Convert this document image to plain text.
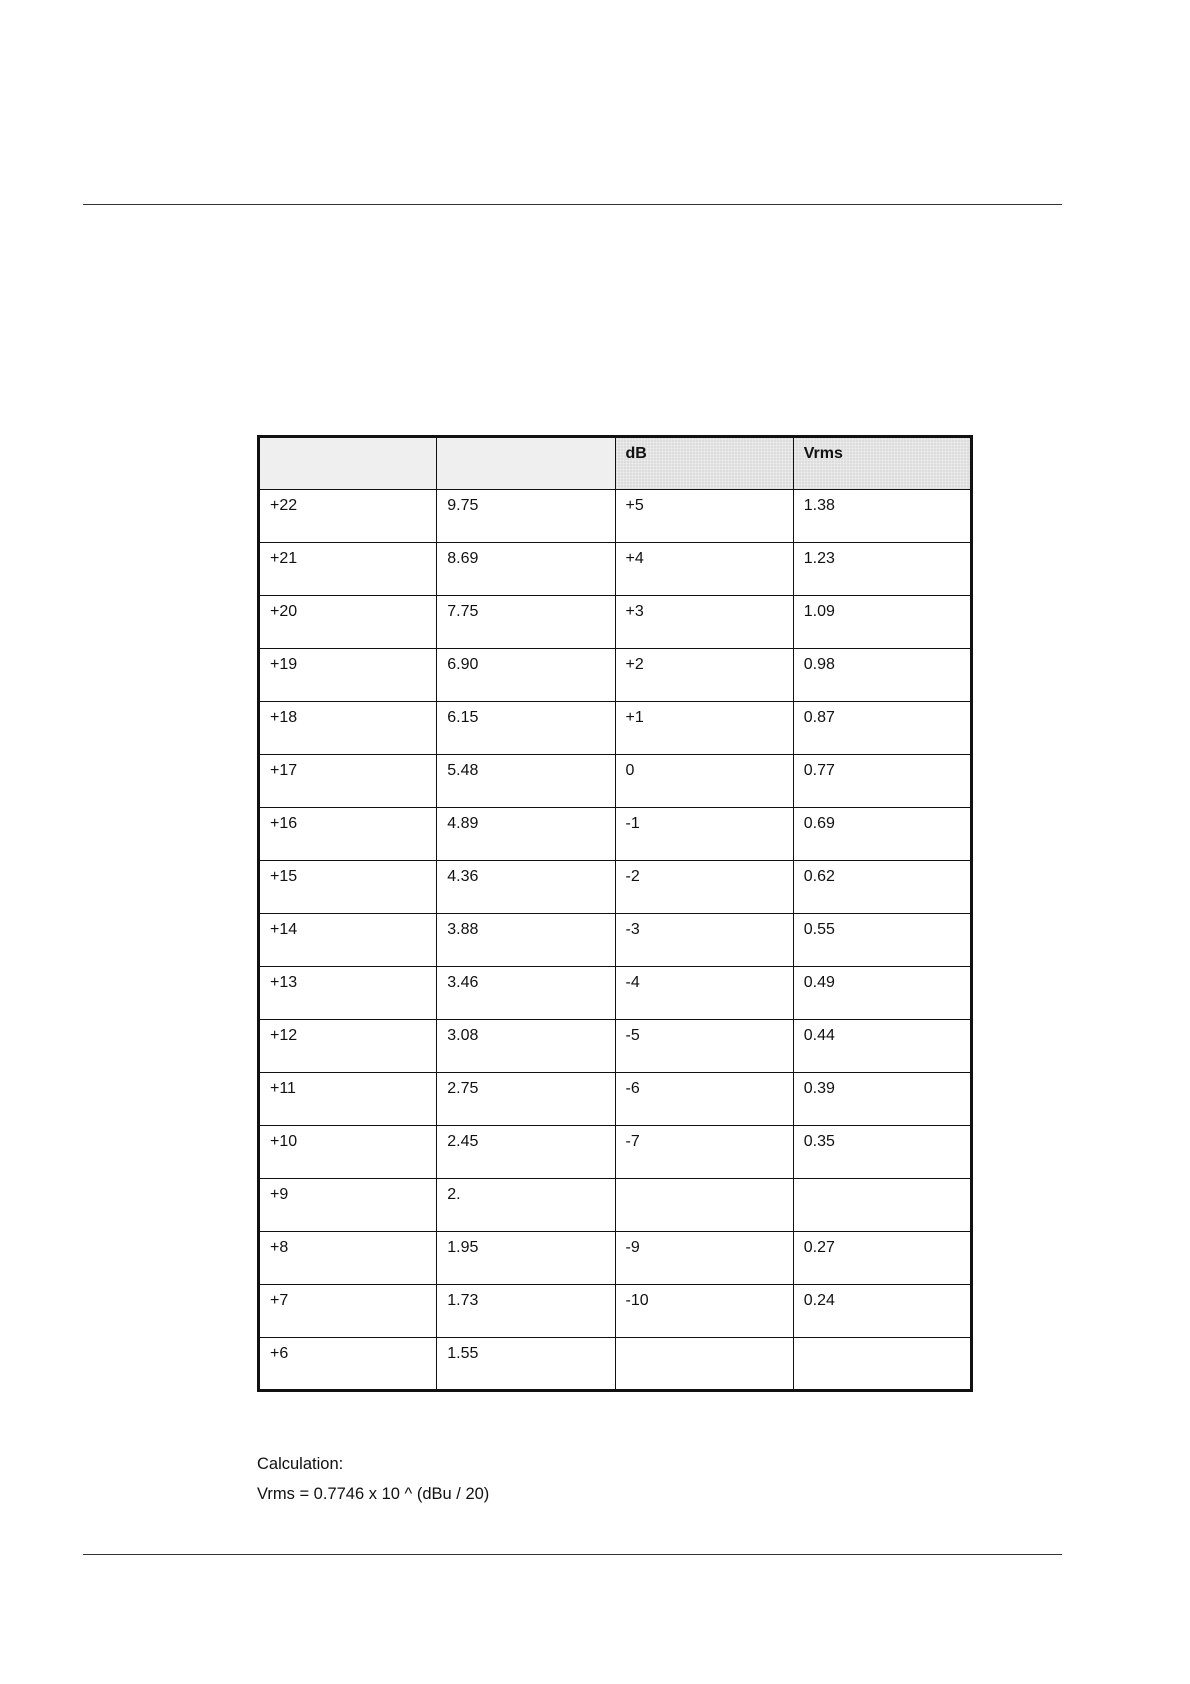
		dB	Vrms
+22	9.75	+5	1.38
+21	8.69	+4	1.23
+20	7.75	+3	1.09
+19	6.90	+2	0.98
+18	6.15	+1	0.87
+17	5.48	0	0.77
+16	4.89	-1	0.69
+15	4.36	-2	0.62
+14	3.88	-3	0.55
+13	3.46	-4	0.49
+12	3.08	-5	0.44
+11	2.75	-6	0.39
+10	2.45	-7	0.35
+9	2.		
+8	1.95	-9	0.27
+7	1.73	-10	0.24
+6	1.55		
Calculation:
Vrms = 0.7746 x 10 ^ (dBu / 20)
